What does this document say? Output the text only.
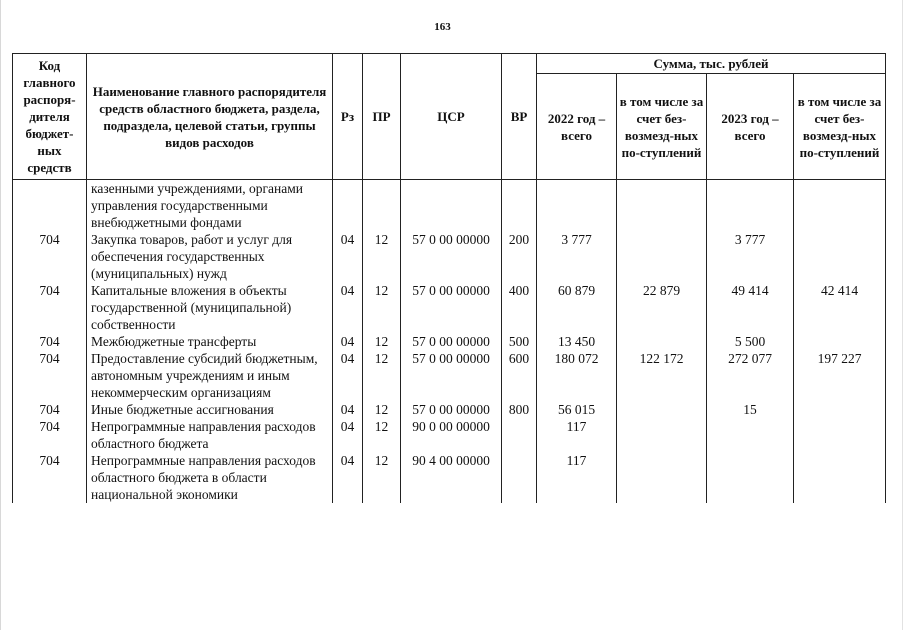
163
Код главного распоря-дителя бюджет-ных средств	Наименование главного распорядителя средств областного бюджета, раздела, подраздела, целевой статьи, группы видов расходов	Рз	ПР	ЦСР	ВР	Сумма, тыс. рублей			
						2022 год – всего	в том числе за счет без-возмезд-ных по-ступлений	2023 год – всего	в том числе за счет без-возмезд-ных по-ступлений
	казенными учреждениями, органами управления государственными внебюджетными фондами								
704	Закупка товаров, работ и услуг для обеспечения государственных (муниципальных) нужд	04	12	57 0 00 00000	200	3 777		3 777	
704	Капитальные вложения в объекты государственной (муниципальной) собственности	04	12	57 0 00 00000	400	60 879	22 879	49 414	42 414
704	Межбюджетные трансферты	04	12	57 0 00 00000	500	13 450		5 500	
704	Предоставление субсидий бюджетным, автономным учреждениям и иным некоммерческим организациям	04	12	57 0 00 00000	600	180 072	122 172	272 077	197 227
704	Иные бюджетные ассигнования	04	12	57 0 00 00000	800	56 015		15	
704	Непрограммные направления расходов областного бюджета	04	12	90 0 00 00000		117			
704	Непрограммные направления расходов областного бюджета в области национальной экономики	04	12	90 4 00 00000		117			
